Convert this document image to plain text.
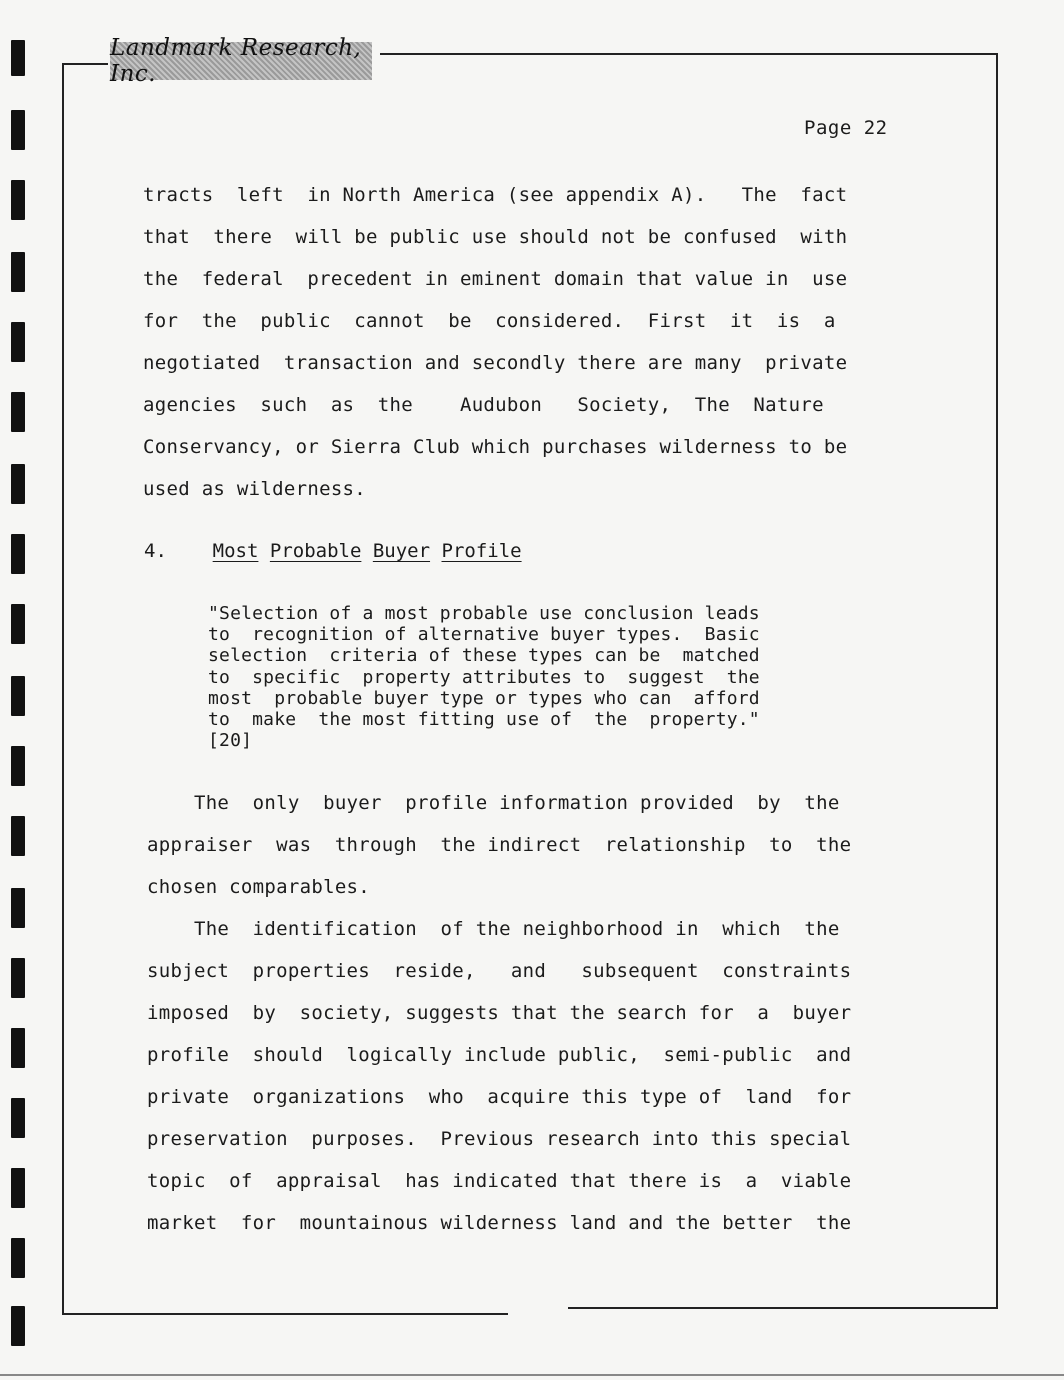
Landmark Research, Inc.
Page 22
tracts  left  in North America (see appendix A).   The  fact
that  there  will be public use should not be confused  with
the  federal  precedent in eminent domain that value in  use
for  the  public  cannot  be  considered.  First  it  is  a
negotiated  transaction and secondly there are many  private
agencies  such  as  the    Audubon   Society,  The  Nature
Conservancy, or Sierra Club which purchases wilderness to be
used as wilderness.
4. Most Probable Buyer Profile
"Selection of a most probable use conclusion leads
to  recognition of alternative buyer types.  Basic
selection  criteria of these types can be  matched
to  specific  property attributes to  suggest  the
most  probable buyer type or types who can  afford
to  make  the most fitting use of  the  property."
[20]
The  only  buyer  profile information provided  by  the
appraiser  was  through  the indirect  relationship  to  the
chosen comparables.
The  identification  of the neighborhood in  which  the
subject  properties  reside,   and   subsequent  constraints
imposed  by  society, suggests that the search for  a  buyer
profile  should  logically include public,  semi-public  and
private  organizations  who  acquire this type of  land  for
preservation  purposes.  Previous research into this special
topic  of  appraisal  has indicated that there is  a  viable
market  for  mountainous wilderness land and the better  the
